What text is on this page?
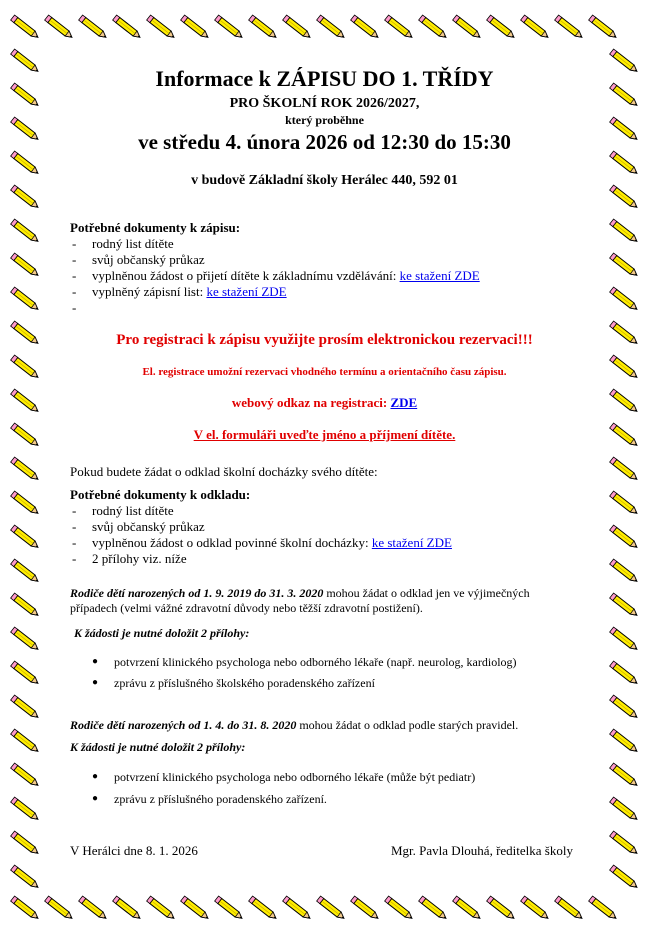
Informace k ZÁPISU DO 1. TŘÍDY
PRO ŠKOLNÍ ROK 2026/2027,
který proběhne
ve středu 4. února 2026 od 12:30 do 15:30
v budově Základní školy Herálec 440, 592 01
Potřebné dokumenty k zápisu:
- rodný list dítěte
- svůj občanský průkaz
- vyplněnou žádost o přijetí dítěte k základnímu vzdělávání: ke stažení ZDE
- vyplněný zápisní list: ke stažení ZDE
-
Pro registraci k zápisu využijte prosím elektronickou rezervaci!!!
El. registrace umožní rezervaci vhodného termínu a orientačního času zápisu.
webový odkaz na registraci: ZDE
V el. formuláři uveďte jméno a příjmení dítěte.
Pokud budete žádat o odklad školní docházky svého dítěte:
Potřebné dokumenty k odkladu:
- rodný list dítěte
- svůj občanský průkaz
- vyplněnou žádost o odklad povinné školní docházky: ke stažení ZDE
- 2 přílohy viz. níže
Rodiče dětí narozených od 1. 9. 2019 do 31. 3. 2020 mohou žádat o odklad jen ve výjimečných
případech (velmi vážné zdravotní důvody nebo těžší zdravotní postižení).
K žádosti je nutné doložit 2 přílohy:
● potvrzení klinického psychologa nebo odborného lékaře (např. neurolog, kardiolog)
● zprávu z příslušného školského poradenského zařízení
Rodiče dětí narozených od 1. 4. do 31. 8. 2020 mohou žádat o odklad podle starých pravidel.
K žádosti je nutné doložit 2 přílohy:
● potvrzení klinického psychologa nebo odborného lékaře (může být pediatr)
● zprávu z příslušného poradenského zařízení.
V Herálci dne 8. 1. 2026	Mgr. Pavla Dlouhá, ředitelka školy
